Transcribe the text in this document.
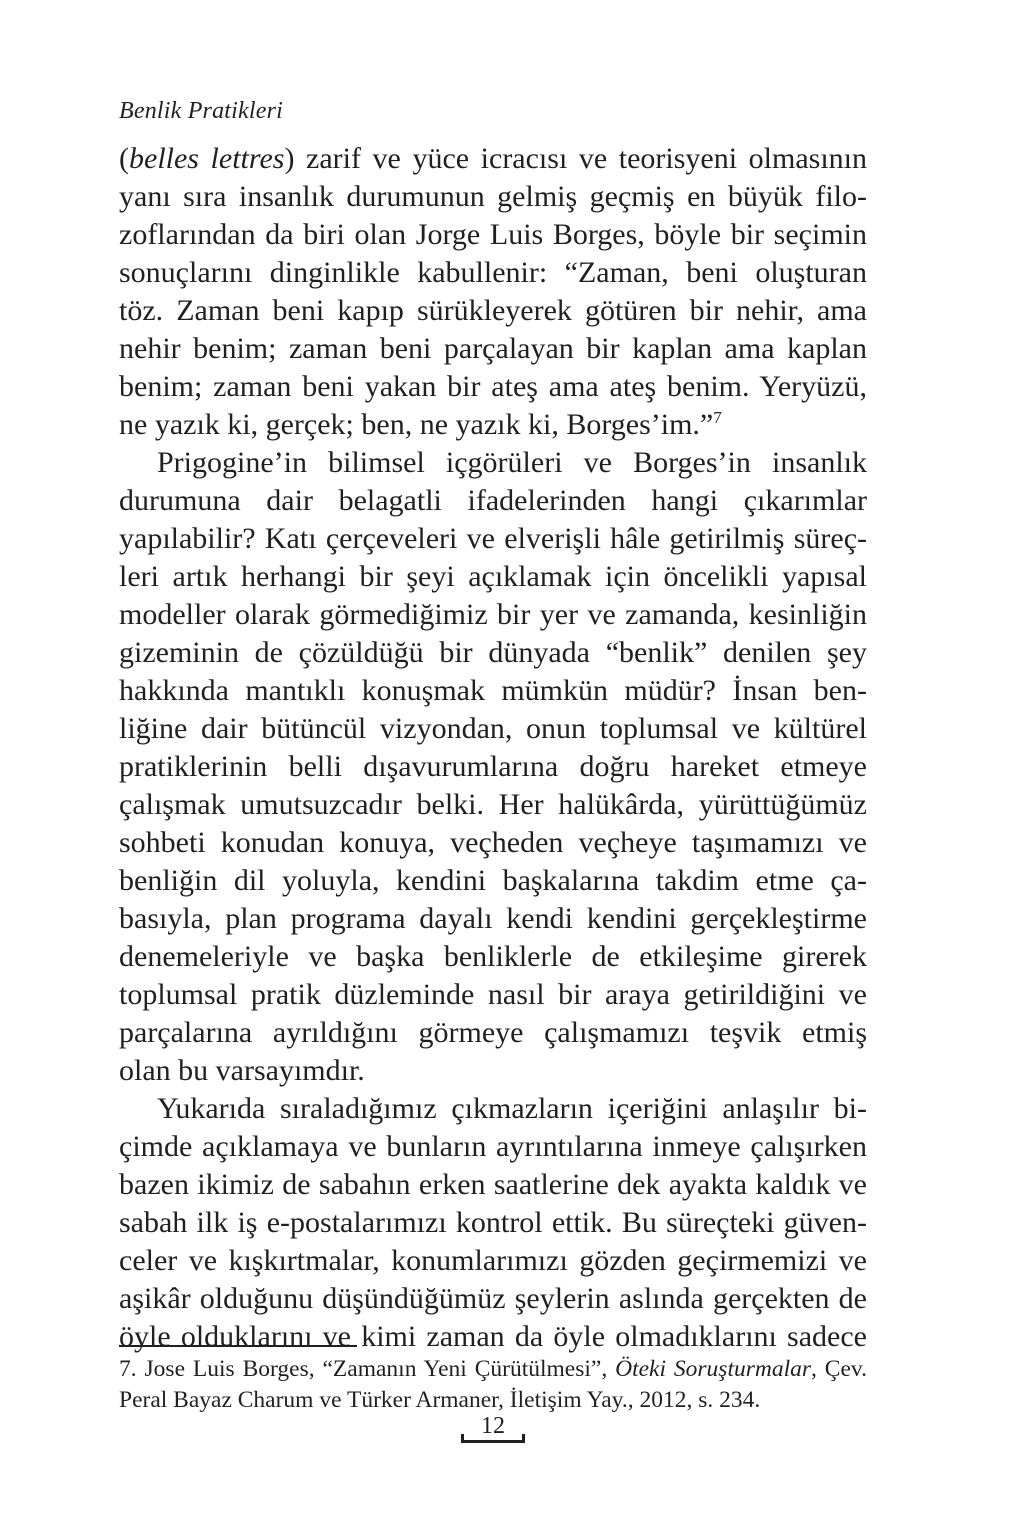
Benlik Pratikleri
(belles lettres) zarif ve yüce icracısı ve teorisyeni olmasının
yanı sıra insanlık durumunun gelmiş geçmiş en büyük filo-
zoflarından da biri olan Jorge Luis Borges, böyle bir seçimin
sonuçlarını dinginlikle kabullenir: “Zaman, beni oluşturan
töz. Zaman beni kapıp sürükleyerek götüren bir nehir, ama
nehir benim; zaman beni parçalayan bir kaplan ama kaplan
benim; zaman beni yakan bir ateş ama ateş benim. Yeryüzü,
ne yazık ki, gerçek; ben, ne yazık ki, Borges’im.”$^7$
Prigogine’in bilimsel içgörüleri ve Borges’in insanlık
durumuna dair belagatli ifadelerinden hangi çıkarımlar
yapılabilir? Katı çerçeveleri ve elverişli hâle getirilmiş süreç-
leri artık herhangi bir şeyi açıklamak için öncelikli yapısal
modeller olarak görmediğimiz bir yer ve zamanda, kesinliğin
gizeminin de çözüldüğü bir dünyada “benlik” denilen şey
hakkında mantıklı konuşmak mümkün müdür? İnsan ben-
liğine dair bütüncül vizyondan, onun toplumsal ve kültürel
pratiklerinin belli dışavurumlarına doğru hareket etmeye
çalışmak umutsuzcadır belki. Her halükârda, yürüttüğümüz
sohbeti konudan konuya, veçheden veçheye taşımamızı ve
benliğin dil yoluyla, kendini başkalarına takdim etme ça-
basıyla, plan programa dayalı kendi kendini gerçekleştirme
denemeleriyle ve başka benliklerle de etkileşime girerek
toplumsal pratik düzleminde nasıl bir araya getirildiğini ve
parçalarına ayrıldığını görmeye çalışmamızı teşvik etmiş
olan bu varsayımdır.
Yukarıda sıraladığımız çıkmazların içeriğini anlaşılır bi-
çimde açıklamaya ve bunların ayrıntılarına inmeye çalışırken
bazen ikimiz de sabahın erken saatlerine dek ayakta kaldık ve
sabah ilk iş e-postalarımızı kontrol ettik. Bu süreçteki güven-
celer ve kışkırtmalar, konumlarımızı gözden geçirmemizi ve
aşikâr olduğunu düşündüğümüz şeylerin aslında gerçekten de
öyle olduklarını ve kimi zaman da öyle olmadıklarını sadece
7. Jose Luis Borges, “Zamanın Yeni Çürütülmesi”, Öteki Soruşturmalar, Çev.
Peral Bayaz Charum ve Türker Armaner, İletişim Yay., 2012, s. 234.
12
